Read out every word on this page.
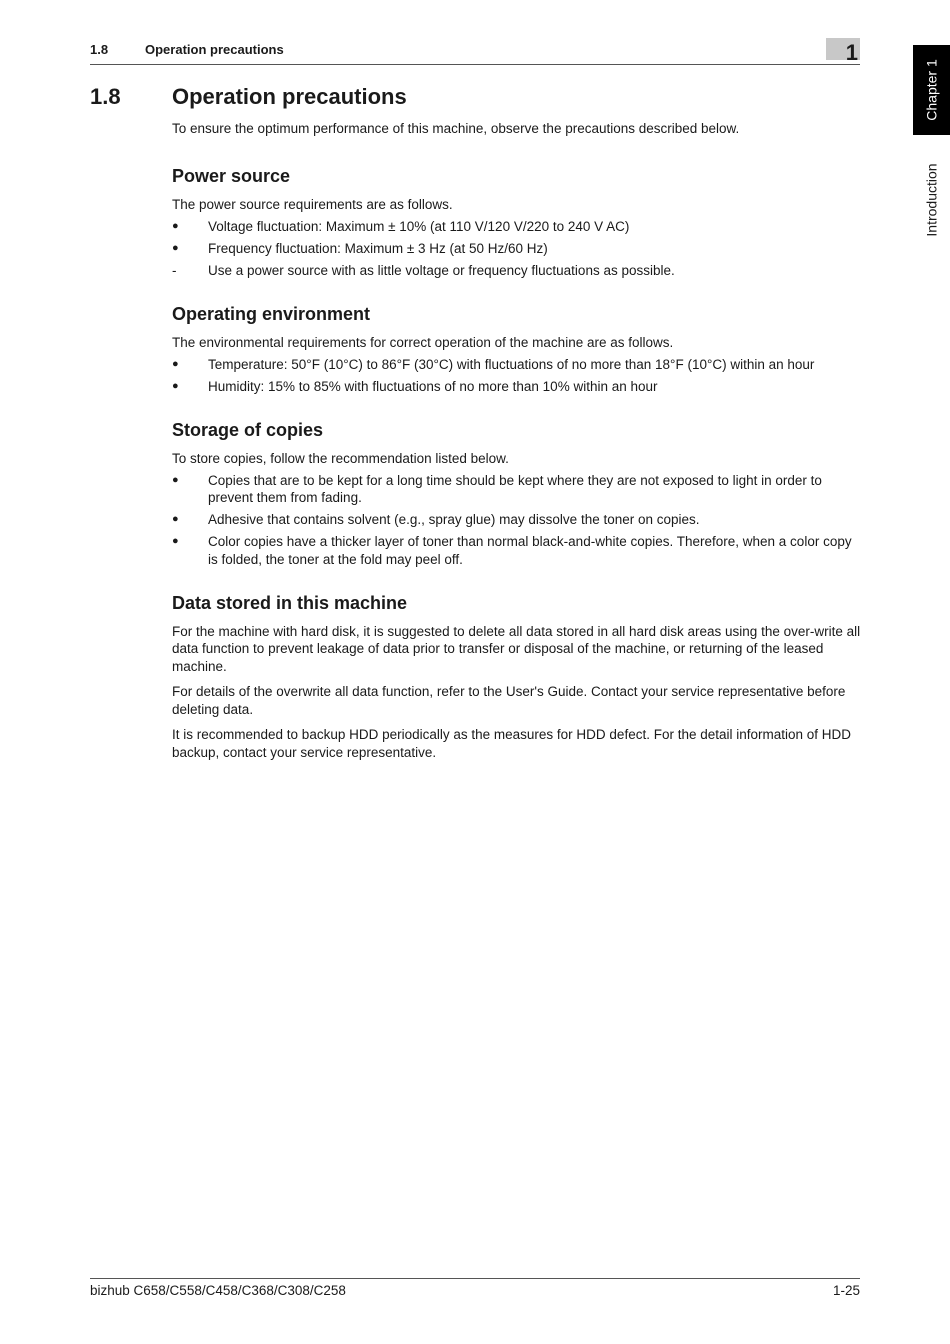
1.8	Operation precautions	1
Chapter 1
Introduction
1.8 Operation precautions

To ensure the optimum performance of this machine, observe the precautions described below.

Power source

The power source requirements are as follows.

● Voltage fluctuation: Maximum ± 10% (at 110 V/120 V/220 to 240 V AC)
● Frequency fluctuation: Maximum ± 3 Hz (at 50 Hz/60 Hz)
-	Use a power source with as little voltage or frequency fluctuations as possible.
Operating environment

The environmental requirements for correct operation of the machine are as follows.

● Temperature: 50°F (10°C) to 86°F (30°C) with fluctuations of no more than 18°F (10°C) within an hour
● Humidity: 15% to 85% with fluctuations of no more than 10% within an hour
Storage of copies

To store copies, follow the recommendation listed below.

● Copies that are to be kept for a long time should be kept where they are not exposed to light in order to prevent them from fading.
● Adhesive that contains solvent (e.g., spray glue) may dissolve the toner on copies.
● Color copies have a thicker layer of toner than normal black-and-white copies. Therefore, when a color copy is folded, the toner at the fold may peel off.
Data stored in this machine

For the machine with hard disk, it is suggested to delete all data stored in all hard disk areas using the over-write all data function to prevent leakage of data prior to transfer or disposal of the machine, or returning of the leased machine.

For details of the overwrite all data function, refer to the User's Guide. Contact your service representative before deleting data.

It is recommended to backup HDD periodically as the measures for HDD defect. For the detail information of HDD backup, contact your service representative.

bizhub C658/C558/C458/C368/C308/C258	1-25
